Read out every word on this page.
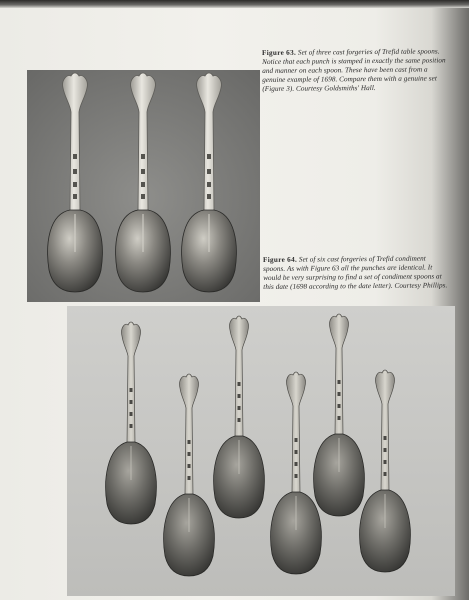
Figure 63. Set of three cast forgeries of Trefid table spoons. Notice that each punch is stamped in exactly the same position and manner on each spoon. These have been cast from a genuine example of 1698. Compare them with a genuine set (Figure 3). Courtesy Goldsmiths' Hall.
Figure 64. Set of six cast forgeries of Trefid condiment spoons. As with Figure 63 all the punches are identical. It would be very surprising to find a set of condiment spoons at this date (1698 according to the date letter). Courtesy Phillips.
